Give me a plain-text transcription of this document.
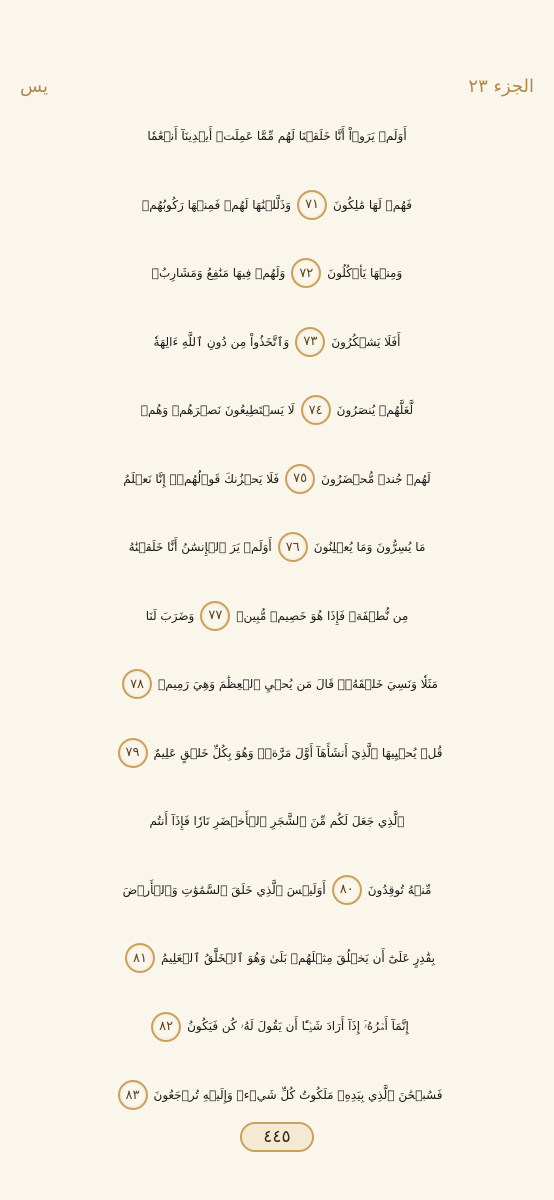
يس	الجزء ٢٣
أَوَلَمۡ يَرَوۡاْ أَنَّا خَلَقۡنَا لَهُم مِّمَّا عَمِلَتۡ أَيۡدِينَآ أَنۡعَٰمٗا
فَهُمۡ لَهَا مَٰلِكُونَ
٧١
وَذَلَّلۡنَٰهَا لَهُمۡ فَمِنۡهَا رَكُوبُهُمۡ
وَمِنۡهَا يَأۡكُلُونَ
٧٢
وَلَهُمۡ فِيهَا مَنَٰفِعُ وَمَشَارِبُۚ
أَفَلَا يَشۡكُرُونَ
٧٣
وَٱتَّخَذُواْ مِن دُونِ ٱللَّهِ ءَالِهَةٗ
لَّعَلَّهُمۡ يُنصَرُونَ
٧٤
لَا يَسۡتَطِيعُونَ نَصۡرَهُمۡ وَهُمۡ
لَهُمۡ جُندٞ مُّحۡضَرُونَ
٧٥
فَلَا يَحۡزُنكَ قَوۡلُهُمۡۘ إِنَّا نَعۡلَمُ
مَا يُسِرُّونَ وَمَا يُعۡلِنُونَ
٧٦
أَوَلَمۡ يَرَ ٱلۡإِنسَٰنُ أَنَّا خَلَقۡنَٰهُ
مِن نُّطۡفَةٖ فَإِذَا هُوَ خَصِيمٞ مُّبِينٞ
٧٧
وَضَرَبَ لَنَا
مَثَلٗا وَنَسِيَ خَلۡقَهُۥۖ قَالَ مَن يُحۡيِ ٱلۡعِظَٰمَ وَهِيَ رَمِيمٞ
٧٨
قُلۡ يُحۡيِيهَا ٱلَّذِيٓ أَنشَأَهَآ أَوَّلَ مَرَّةٖۖ وَهُوَ بِكُلِّ خَلۡقٍ عَلِيمٌ
٧٩
ٱلَّذِي جَعَلَ لَكُم مِّنَ ٱلشَّجَرِ ٱلۡأَخۡضَرِ نَارٗا فَإِذَآ أَنتُم
مِّنۡهُ تُوقِدُونَ
٨٠
أَوَلَيۡسَ ٱلَّذِي خَلَقَ ٱلسَّمَٰوَٰتِ وَٱلۡأَرۡضَ
بِقَٰدِرٍ عَلَىٰٓ أَن يَخۡلُقَ مِثۡلَهُمۚ بَلَىٰ وَهُوَ ٱلۡخَلَّٰقُ ٱلۡعَلِيمُ
٨١
إِنَّمَآ أَمۡرُهُۥٓ إِذَآ أَرَادَ شَيۡـًٔا أَن يَقُولَ لَهُۥ كُن فَيَكُونُ
٨٢
فَسُبۡحَٰنَ ٱلَّذِي بِيَدِهِۦ مَلَكُوتُ كُلِّ شَيۡءٖ وَإِلَيۡهِ تُرۡجَعُونَ
٨٣
٤٤٥
